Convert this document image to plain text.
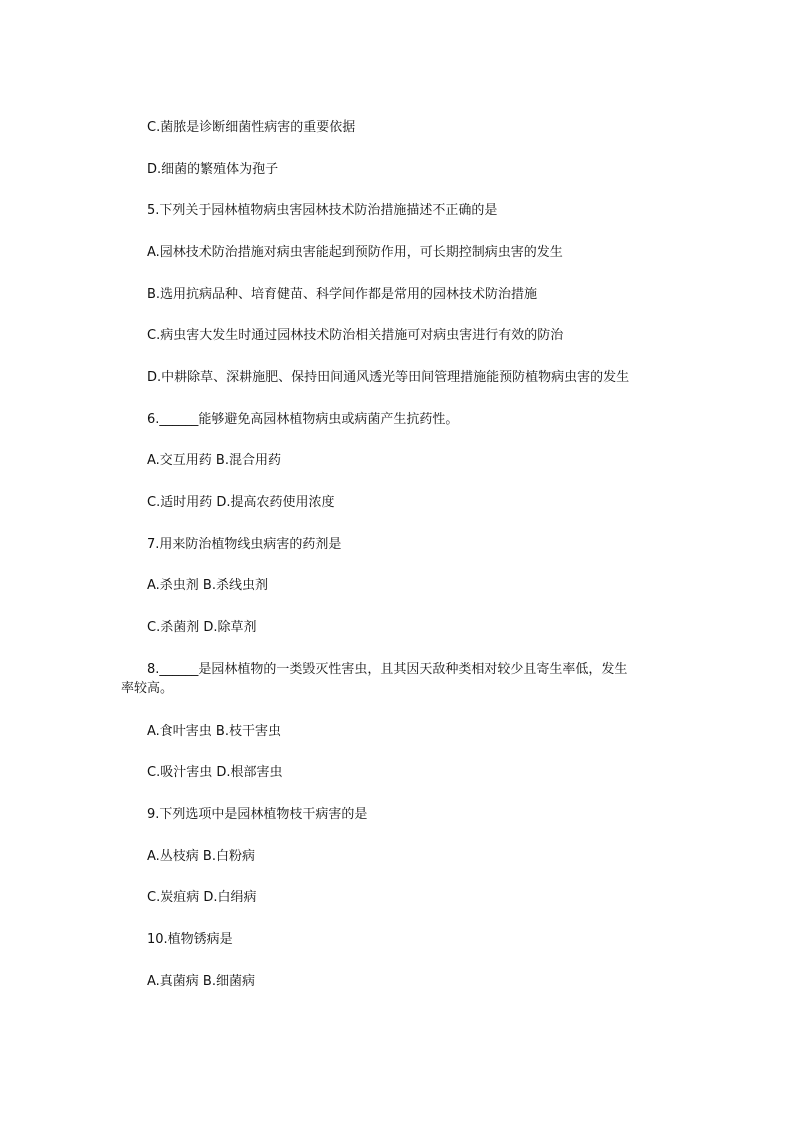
C.菌脓是诊断细菌性病害的重要依据
D.细菌的繁殖体为孢子
5.下列关于园林植物病虫害园林技术防治措施描述不正确的是
A.园林技术防治措施对病虫害能起到预防作用，可长期控制病虫害的发生
B.选用抗病品种、培育健苗、科学间作都是常用的园林技术防治措施
C.病虫害大发生时通过园林技术防治相关措施可对病虫害进行有效的防治
D.中耕除草、深耕施肥、保持田间通风透光等田间管理措施能预防植物病虫害的发生
6.______能够避免高园林植物病虫或病菌产生抗药性。
A.交互用药 B.混合用药
C.适时用药 D.提高农药使用浓度
7.用来防治植物线虫病害的药剂是
A.杀虫剂 B.杀线虫剂
C.杀菌剂 D.除草剂
8.______是园林植物的一类毁灭性害虫，且其因天敌种类相对较少且寄生率低，发生
率较高。
A.食叶害虫 B.枝干害虫
C.吸汁害虫 D.根部害虫
9.下列选项中是园林植物枝干病害的是
A.丛枝病 B.白粉病
C.炭疽病 D.白绢病
10.植物锈病是
A.真菌病 B.细菌病
